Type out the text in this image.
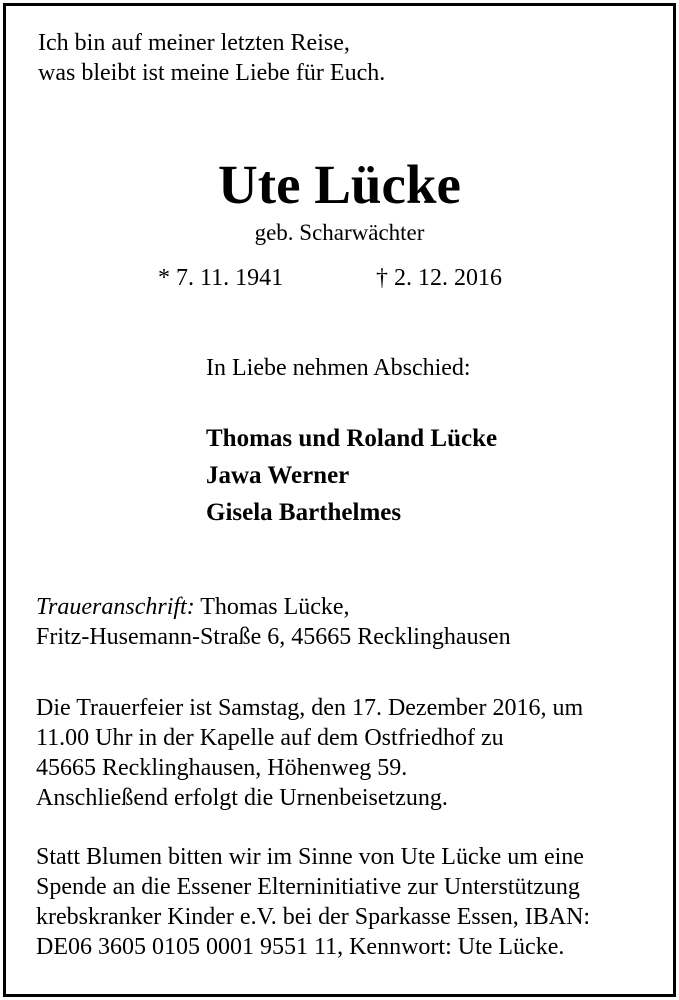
Ich bin auf meiner letzten Reise,
was bleibt ist meine Liebe für Euch.
Ute Lücke
geb. Scharwächter
* 7. 11. 1941	† 2. 12. 2016
In Liebe nehmen Abschied:
Thomas und Roland Lücke
Jawa Werner
Gisela Barthelmes
Traueranschrift: Thomas Lücke,
Fritz-Husemann-Straße 6, 45665 Recklinghausen
Die Trauerfeier ist Samstag, den 17. Dezember 2016, um
11.00 Uhr in der Kapelle auf dem Ostfriedhof zu
45665 Recklinghausen, Höhenweg 59.
Anschließend erfolgt die Urnenbeisetzung.
Statt Blumen bitten wir im Sinne von Ute Lücke um eine
Spende an die Essener Elterninitiative zur Unterstützung
krebskranker Kinder e.V. bei der Sparkasse Essen, IBAN:
DE06 3605 0105 0001 9551 11, Kennwort: Ute Lücke.
